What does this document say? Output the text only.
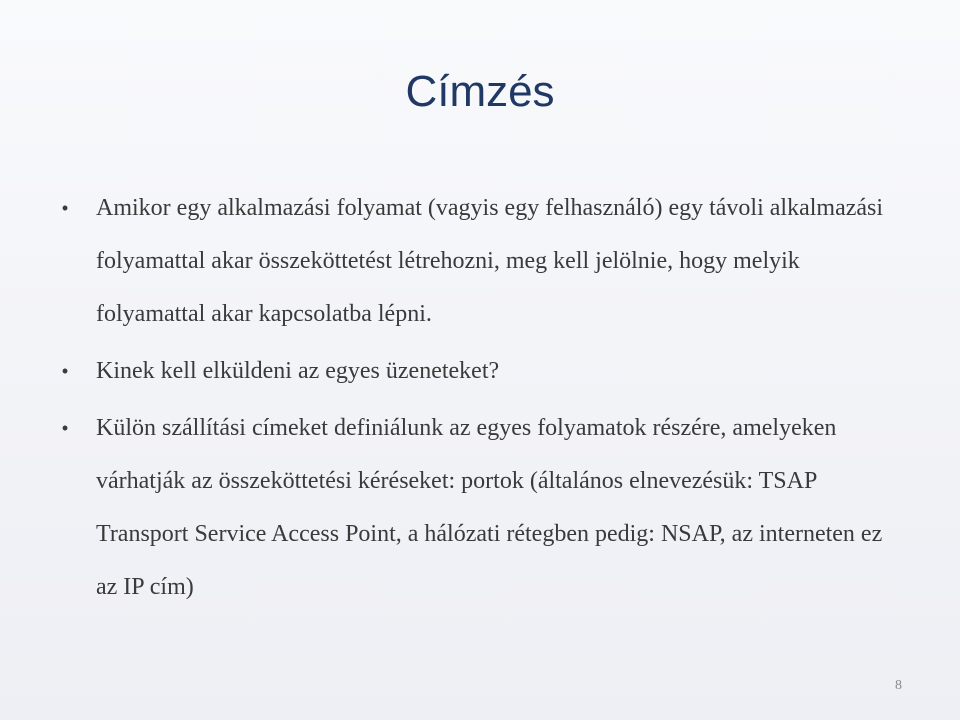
Címzés
• Amikor egy alkalmazási folyamat (vagyis egy felhasználó) egy távoli alkalmazási folyamattal akar összeköttetést létrehozni, meg kell jelölnie, hogy melyik folyamattal akar kapcsolatba lépni.
• Kinek kell elküldeni az egyes üzeneteket?
• Külön szállítási címeket definiálunk az egyes folyamatok részére, amelyeken várhatják az összeköttetési kéréseket: portok (általános elnevezésük: TSAP Transport Service Access Point, a hálózati rétegben pedig: NSAP, az interneten ez az IP cím)
8
